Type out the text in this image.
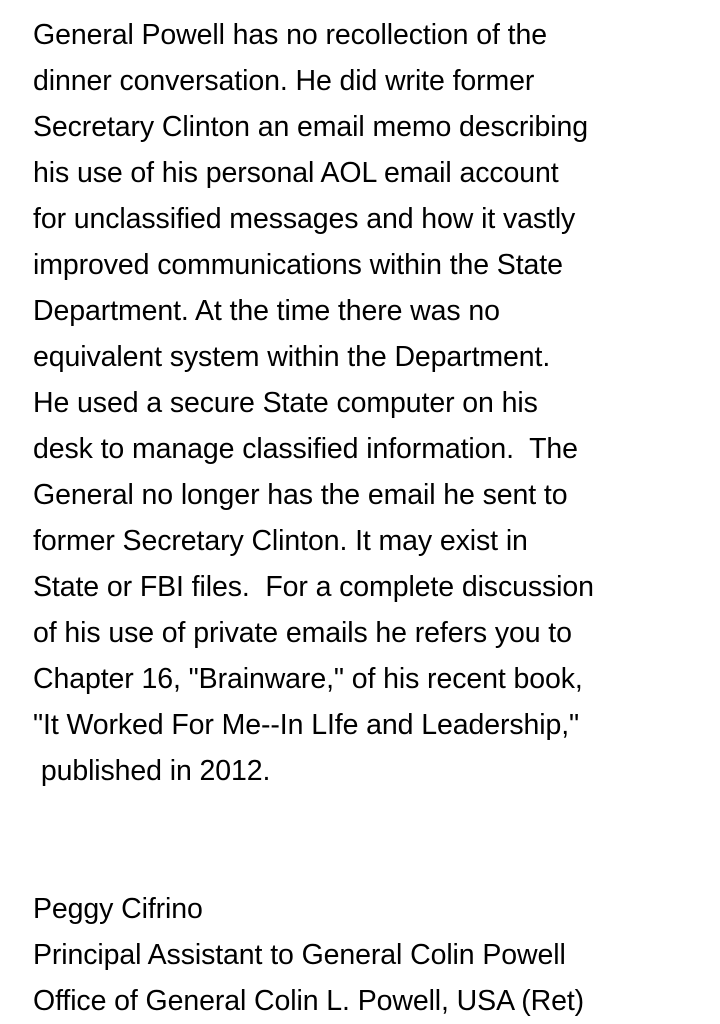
General Powell has no recollection of the
dinner conversation. He did write former
Secretary Clinton an email memo describing
his use of his personal AOL email account
for unclassified messages and how it vastly
improved communications within the State
Department. At the time there was no
equivalent system within the Department.
He used a secure State computer on his
desk to manage classified information.  The
General no longer has the email he sent to
former Secretary Clinton. It may exist in
State or FBI files.  For a complete discussion
of his use of private emails he refers you to
Chapter 16, "Brainware," of his recent book,
"It Worked For Me--In LIfe and Leadership,"
published in 2012.
Peggy Cifrino
Principal Assistant to General Colin Powell
Office of General Colin L. Powell, USA (Ret)
